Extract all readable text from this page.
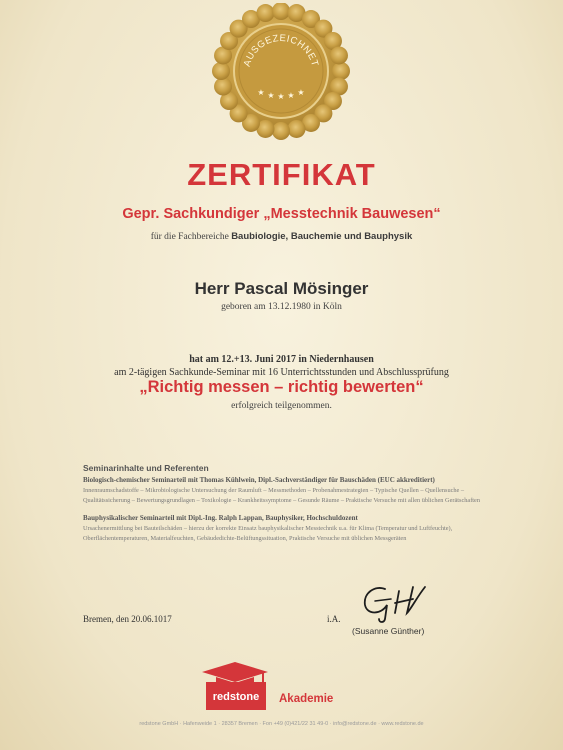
AUSGEZEICHNET
★ ★ ★ ★ ★
ZERTIFIKAT
Gepr. Sachkundiger „Messtechnik Bauwesen“
für die Fachbereiche Baubiologie, Bauchemie und Bauphysik
Herr Pascal Mösinger
geboren am 13.12.1980 in Köln
hat am 12.+13. Juni 2017 in Niedernhausen
am 2-tägigen Sachkunde-Seminar mit 16 Unterrichtsstunden und Abschlussprüfung
„Richtig messen – richtig bewerten“
erfolgreich teilgenommen.
Seminarinhalte und Referenten
Biologisch-chemischer Seminarteil mit Thomas Kühlwein, Dipl.-Sachverständiger für Bauschäden (EUC akkreditiert)
Innenraumschadstoffe – Mikrobiologische Untersuchung der Raumluft – Messmethoden – Probenahmestrategien – Typische Quellen – Quellensuche – Qualitätssicherung – Bewertungsgrundlagen – Toxikologie – Krankheitssymptome – Gesunde Räume – Praktische Versuche mit allen üblichen Gerätschaften
Bauphysikalischer Seminarteil mit Dipl.-Ing. Ralph Lappan, Bauphysiker, Hochschuldozent
Ursachenermittlung bei Bauteilschäden – hierzu der korrekte Einsatz bauphysikalischer Messtechnik u.a. für Klima (Temperatur und Luftfeuchte), Oberflächentemperaturen, Materialfeuchten, Gebäudedichte-Belüftungssituation, Praktische Versuche mit üblichen Messgeräten
Bremen, den 20.06.1017	i.A.
(Susanne Günther)
redstone Akademie
redstone GmbH · Hafenweide 1 · 28357 Bremen · Fon +49 (0)421/22 31 49-0 · info@redstone.de · www.redstone.de
